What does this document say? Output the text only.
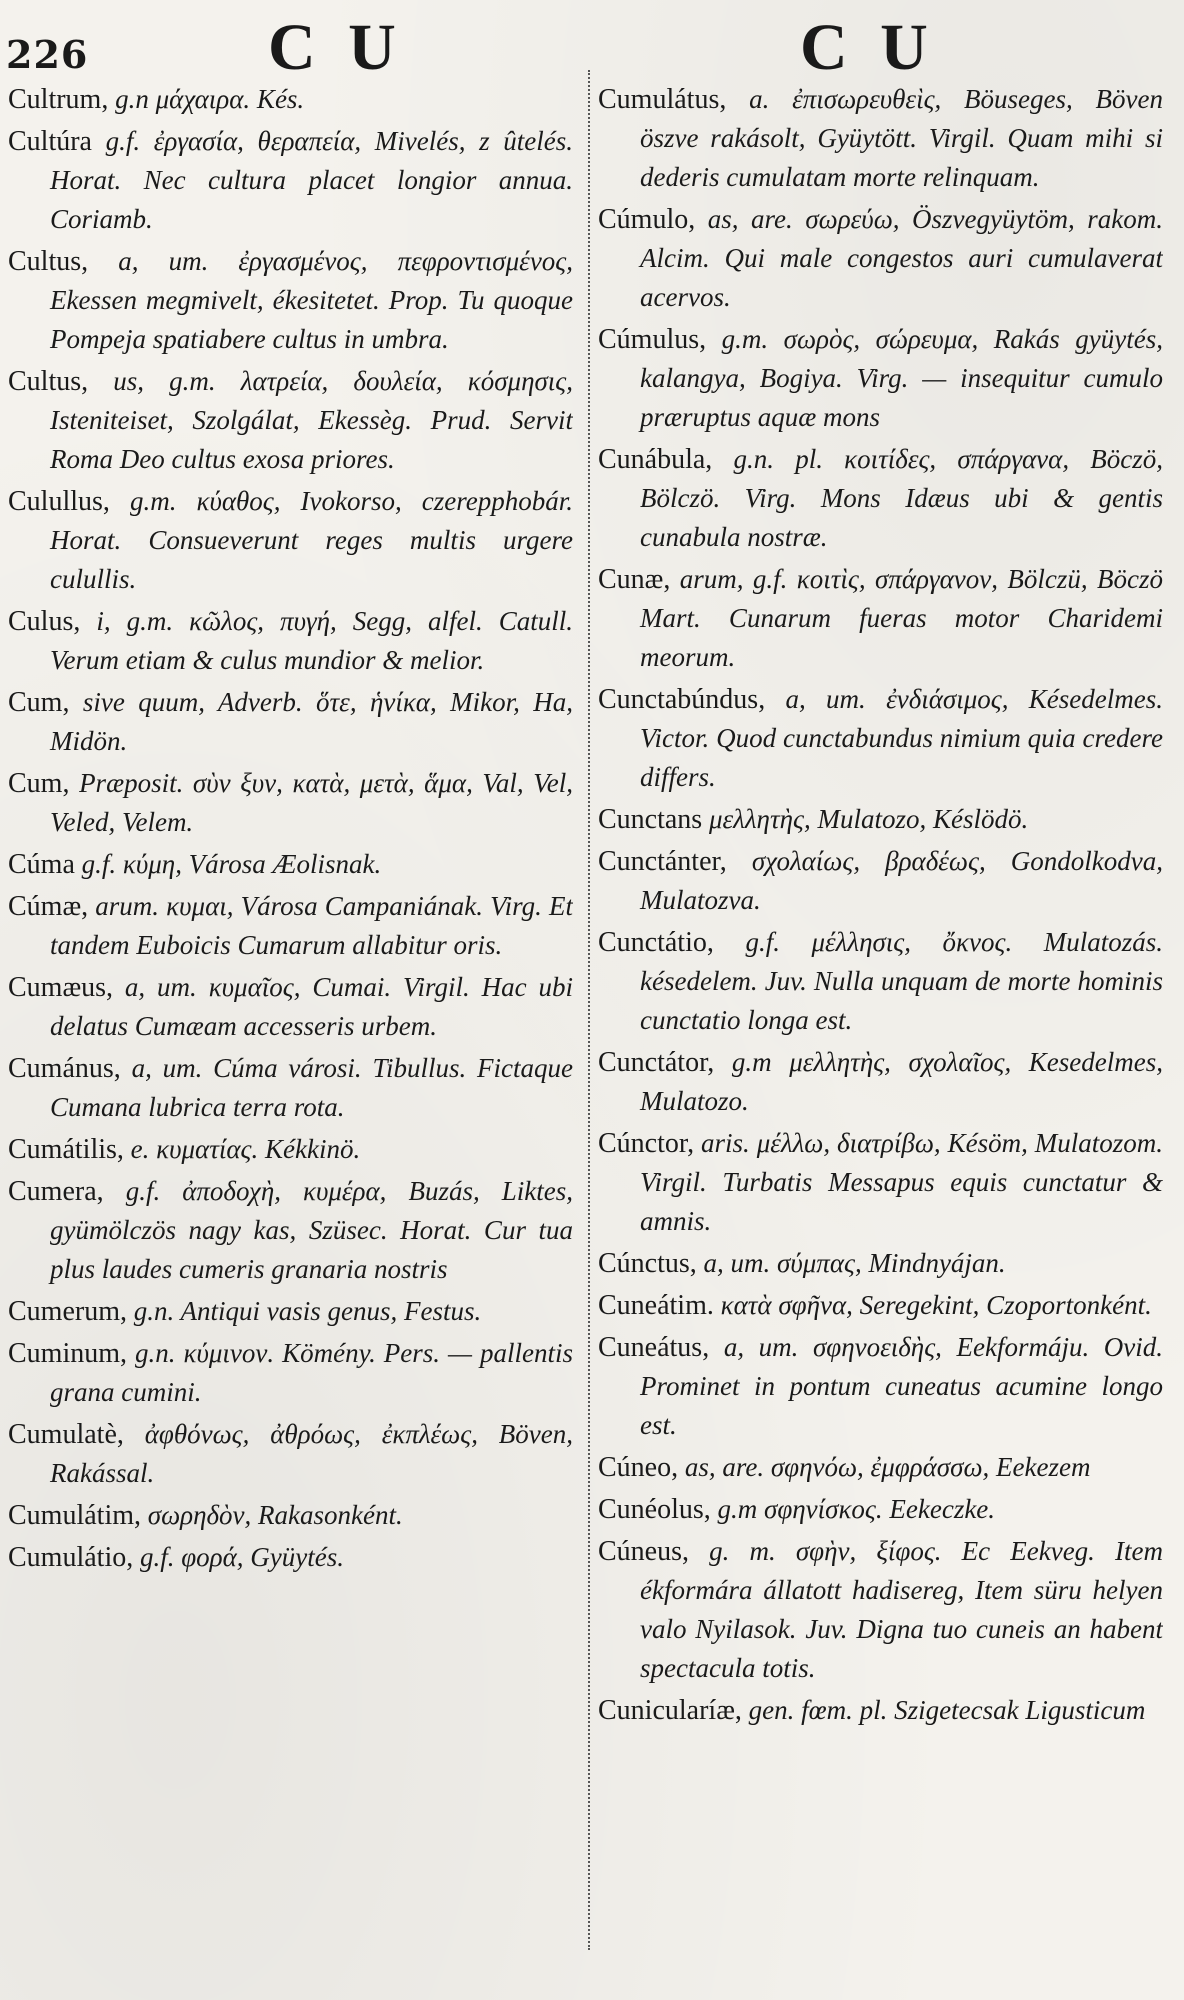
226	C U	C U
Cultrum, g.n μάχαιρα. Kés.
Cultúra g.f. ἐργασία, θεραπεία, Mivelés, z ûtelés. Horat. Nec cultura placet longior annua. Coriamb.
Cultus, a, um. ἐργασμένος, πεφροντισμένος, Ekessen megmivelt, ékesitetet. Prop. Tu quoque Pompeja spatiabere cultus in umbra.
Cultus, us, g.m. λατρεία, δουλεία, κόσμησις, Isteniteiset, Szolgálat, Ekessèg. Prud. Servit Roma Deo cultus exosa priores.
Culullus, g.m. κύαθος, Ivokorso, czerepphobár. Horat. Consueverunt reges multis urgere culullis.
Culus, i, g.m. κῶλος, πυγή, Segg, alfel. Catull. Verum etiam & culus mundior & melior.
Cum, sive quum, Adverb. ὅτε, ἡνίκα, Mikor, Ha, Midön.
Cum, Præposit. σὺν ξυν, κατὰ, μετὰ, ἅμα, Val, Vel, Veled, Velem.
Cúma g.f. κύμη, Városa Æolisnak.
Cúmæ, arum. κυμαι, Városa Campaniának. Virg. Et tandem Euboicis Cumarum allabitur oris.
Cumæus, a, um. κυμαῖος, Cumai. Virgil. Hac ubi delatus Cumæam accesseris urbem.
Cumánus, a, um. Cúma városi. Tibullus. Fictaque Cumana lubrica terra rota.
Cumátilis, e. κυματίας. Kékkinö.
Cumera, g.f. ἀποδοχὴ, κυμέρα, Buzás, Liktes, gyümölczös nagy kas, Szüsec. Horat. Cur tua plus laudes cumeris granaria nostris
Cumerum, g.n. Antiqui vasis genus, Festus.
Cuminum, g.n. κύμινον. Kömény. Pers. — pallentis grana cumini.
Cumulatè, ἀφθόνως, ἀθρόως, ἐκπλέως, Böven, Rakással.
Cumulátim, σωρηδὸν, Rakasonként.
Cumulátio, g.f. φορά, Gyüytés.
Cumulátus, a. ἐπισωρευθεὶς, Böuseges, Böven öszve rakásolt, Gyüytött. Virgil. Quam mihi si dederis cumulatam morte relinquam.
Cúmulo, as, are. σωρεύω, Öszvegyüytöm, rakom. Alcim. Qui male congestos auri cumulaverat acervos.
Cúmulus, g.m. σωρὸς, σώρευμα, Rakás gyüytés, kalangya, Bogiya. Virg. — insequitur cumulo præruptus aquæ mons
Cunábula, g.n. pl. κοιτίδες, σπάργανα, Böczö, Bölczö. Virg. Mons Idæus ubi & gentis cunabula nostræ.
Cunæ, arum, g.f. κοιτὶς, σπάργανον, Bölczü, Böczö Mart. Cunarum fueras motor Charidemi meorum.
Cunctabúndus, a, um. ἐνδιάσιμος, Késedelmes. Victor. Quod cunctabundus nimium quia credere differs.
Cunctans μελλητὴς, Mulatozo, Késlödö.
Cunctánter, σχολαίως, βραδέως, Gondolkodva, Mulatozva.
Cunctátio, g.f. μέλλησις, ὄκνος. Mulatozás. késedelem. Juv. Nulla unquam de morte hominis cunctatio longa est.
Cunctátor, g.m μελλητὴς, σχολαῖος, Kesedelmes, Mulatozo.
Cúnctor, aris. μέλλω, διατρίβω, Késöm, Mulatozom. Virgil. Turbatis Messapus equis cunctatur & amnis.
Cúnctus, a, um. σύμπας, Mindnyájan.
Cuneátim. κατὰ σφῆνα, Seregekint, Czoportonként.
Cuneátus, a, um. σφηνοειδὴς, Eekformáju. Ovid. Prominet in pontum cuneatus acumine longo est.
Cúneo, as, are. σφηνόω, ἐμφράσσω, Eekezem
Cunéolus, g.m σφηνίσκος. Eekeczke.
Cúneus, g. m. σφὴν, ξίφος. Ec Eekveg. Item ékformára állatott hadisereg, Item süru helyen valo Nyilasok. Juv. Digna tuo cuneis an habent spectacula totis.
Cunicularíæ, gen. fœm. pl. Szigetecsak Ligusticum
